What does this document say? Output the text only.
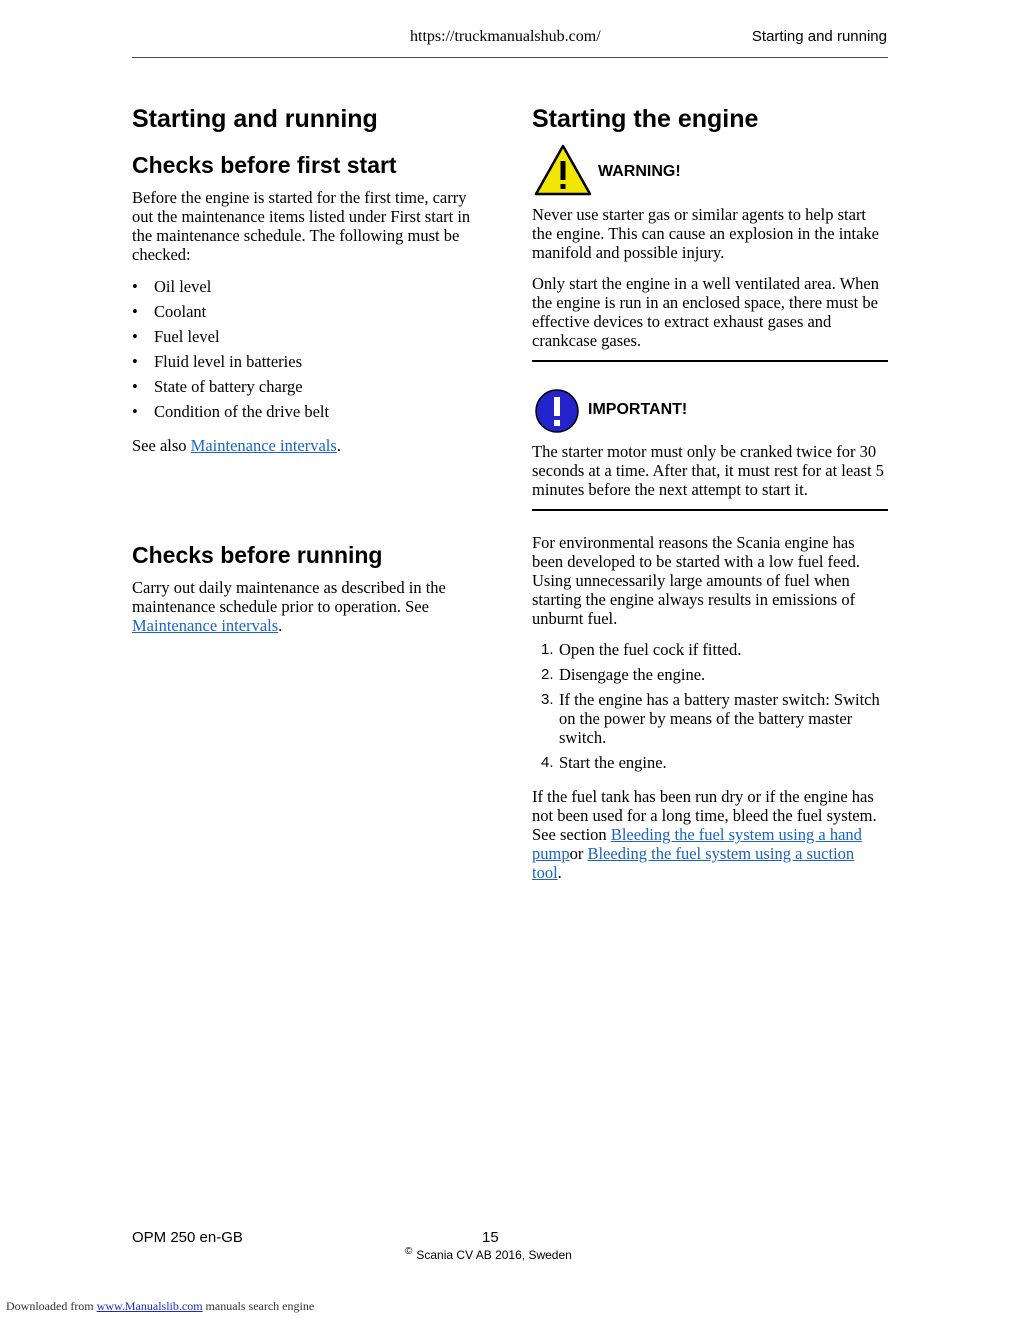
https://truckmanualshub.com/	Starting and running
Starting and running
Checks before first start

Before the engine is started for the first time, carry out the maintenance items listed under First start in the maintenance schedule. The following must be checked:

• Oil level
• Coolant
• Fuel level
• Fluid level in batteries
• State of battery charge
• Condition of the drive belt

See also Maintenance intervals.

Checks before running

Carry out daily maintenance as described in the maintenance schedule prior to operation. See Maintenance intervals.

Starting the engine
WARNING!

Never use starter gas or similar agents to help start the engine. This can cause an explosion in the intake manifold and possible injury.

Only start the engine in a well ventilated area. When the engine is run in an enclosed space, there must be effective devices to extract exhaust gases and crankcase gases.

IMPORTANT!

The starter motor must only be cranked twice for 30 seconds at a time. After that, it must rest for at least 5 minutes before the next attempt to start it.

For environmental reasons the Scania engine has been developed to be started with a low fuel feed. Using unnecessarily large amounts of fuel when starting the engine always results in emissions of unburnt fuel.

1. Open the fuel cock if fitted.
2. Disengage the engine.
3. If the engine has a battery master switch: Switch on the power by means of the battery master switch.
4. Start the engine.

If the fuel tank has been run dry or if the engine has not been used for a long time, bleed the fuel system. See section Bleeding the fuel system using a hand pumpor Bleeding the fuel system using a suction tool.

OPM 250 en-GB	15
© Scania CV AB 2016, Sweden
Downloaded from www.Manualslib.com manuals search engine
